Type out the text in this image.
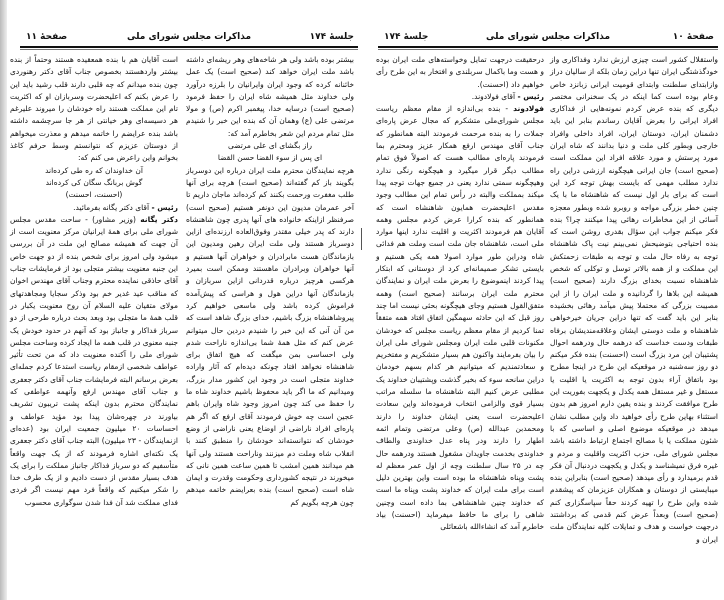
جلسهٔ ۱۷۴
مذاکرات مجلس شورای ملی
صفحهٔ ۱۱

است آقایان هم با بنده همعقیده هستند وحتماً از بنده بیشتر واردهستند بخصوص جناب آقای دکتر رهنوردی چون بنده میدانم که چه قلبی دارند قلب رشید باید این را عرض بکنم که اعلیحضرت وسربازان او که اکثریت تام این مملکت هستند راه خودشان را میروند علیرغم هر دسیسه‌ای وهر خیانتی از هر جا سرچشمه داشته باشد بنده عرایضم را خاتمه میدهم و معذرت میخواهم از دوستان عزیزم که نتوانستم وسط حرفم کاغذ بخوانم واین راعرض می کنم که:

آن خداوندان که ره طی کرده‌اند

گوش بربانگ سگان کی کرده‌اند

(احسنت، احسنت)

رئیس - آقای دکتر یگانه بفرمائید.

دکتر یگانه (وزیر مشاور) - ساحت مقدس مجلس شورای ملی برای همهٔ ایرانیان مرکز معنویت است از آن جهت که همیشه مصالح این ملت در آن بررسی میشود ولی امروز برای شخص بنده از دو جهت خاص این جنبه معنویت بیشتر متجلی بود از فرمایشات جناب آقای حاذقی نماینده محترم وجناب آقای مهندس اخوان که مناقب عید غدیر خم بود وذکر سجایا ومجاهدتهای مولای متقیان علیه السلام آن روح معنویت یکبار در قلب همهٔ ما متجلی بود وبعد بحث درباره طرحی از دو سرباز فداکار و جانباز بود که آنهم در حدود خودش یک جنبه معنوی در قلب همه ما ایجاد کرده وساحت مجلس شورای ملی را آکنده معنویت داد که من تحت تأثیر عواطف شخصی ازمقام ریاست استدعا کردم جمله‌ای بعرض برسانم البته فرمایشات جناب آقای دکتر جعفری و جناب آقای مهندس ارفع وآنهمه عواطفی که نمایندگان محترم بدون اینکه پشت تریبون تشریف بیاورند در چهره‌شان پیدا بود مؤید عواطف و احساسات ۲۰ میلیون جمعیت ایران بود (عده‌ای ازنمایندگان - ۲۳ میلیون) البته جناب آقای دکتر جعفری یک نکته‌ای اشاره فرمودند که از یک جهت واقعاً متأسفیم که دو سرباز فداکار جانباز مملکت را برای یک هدف بسیار مقدس از دست دادیم و از یک طرف خدا را شکر میکنیم که واقعاً فرد مهم نیست اگر فردی فدای مملکت شد آن فدا شدن سوگواری محسوب

بیشتر بوده باشد ولی هر شاخه‌های وهر ریشه‌ای داشته باشد ملت ایران خواهد کند (صحیح است) یک عمل خائنانه کرده که وجود ایران وایرانیان را بلرزه درآورد ولی خداوند مثل همیشه شاه ایران را حفظ فرمود (صحیح است) درسایه خدا، پیغمبر اکرم (ص) و مولا مرتضی علی (ع) وهمان آن که بنده این خبر را شنیدم مثل تمام مردم این شعر بخاطرم آمد که:

راز بگشای ای علی مرتضی

ای پس از سوء القضا حسن القضا

هرچه نمایندگان محترم ملت ایران درباره این دوسرباز بگویند باز کم گفته‌اند (صحیح است) هرچه برای آنها طلب مغفرت ورحمت بکنند کم کرده‌اند ماجان داریم تا آخر عمرمان مدیون این دونفر هستیم (صحیح است) صرفنظر ازاینکه خانواده های آنها پدری چون شاهنشاه دارند که پدر خیلی مقتدر وفوق‌العاده ارزنده‌ای ازاین دوسرباز هستند ولی ملت ایران رهین ومدیون این بازماندگان هست مابرادران و خواهران آنها هستیم و آنها خواهران وبرادران ماهستند وممکن است بمیرد هرکسی هرچیز درباره قدردانی ازاین سربازان و بازماندگان آنها دراین هول و هراسی که پیش‌آمده فراموش کرده باشد ولی ماسعی خواهیم کرد پیروشاهنشاه بزرگ باشیم، خدای بزرگ شاهد است که من آن آنی که این خبر را شنیدم دردین حال میتوانم عرض کنم که مثل همهٔ شما بی‌اندازه ناراحت شدم ولی احساسی بمن میگفت که هیچ اتفاق برای شاهنشاه نخواهد افتاد چونکه دیده‌ام که آثار واراده خداوند متجلی است در وجود این کشور مدار بزرگ، ومیدانیم که ما اگر باید محفوظ باشیم خداوند شاه ما را حفظ می کند چون امروز وجود شاه وایران باهم عجین است چه خوش فرمودند آقای ارفع که اگر هم پاره‌ای افراد ناراضی از اوضاع یعنی ناراضی از وضع خودشان که نتوانسته‌اند خودشان را منطبق کنند با انقلاب شاه وملت دم میزنند وناراحت هستند ولی آنها هم میدانند همین امشب تا همین ساعت همین نانی که میخورند در نتیجه کشورداری وحکومت وقدرت و ایمان شاه است (صحیح است) بنده بعرایضم خاتمه میدهم چون هرچه بگویم کم

صفحهٔ ۱۰
مذاکرات مجلس شورای ملی
جلسهٔ ۱۷۴

درحقیقت درجهت تمایل وخواسته‌های ملت ایران بوده و هست وما باکمال سربلندی و افتخار به این طرح رأی خواهیم داد (احسنت).

رئیس - آقای فولادوند.

فولادوند - بنده بی‌اندازه از مقام معظم ریاست مجلس شورای‌ملی متشکرم که مجال عرض پاره‌ای جملات را به بنده مرحمت فرمودند البته همانطور که جناب آقای مهندس ارفع همکار عزیز ومحترم بما فرمودند پاره‌ای مطالب هست که اصولاً فوق تمام مطالب دیگر قرار میگیرد و هیچگونه رنگی ندارد وهیچگونه سمتی ندارد یعنی در جمیع جهات توجه پیدا میکند بمملکت والبته در رأس تمام این مطالب وجود مقدس اعلیحضرت همایون شاهنشاه است که همانطور که بنده کرارا عرض کردم مجلس وهمه آقایان هم فرمودند اکثریت و اقلیت ندارد اینها موارد ملی است، شاهنشاه جان ملت است وملت هم فدائی شاه ودراین طور موارد اصولا همه یکی هستیم و بایستی تشکر صمیمانه‌ای کرد از دوستانی که ابتکار پیدا کردند اینموضوع را بعرض ملت ایران و نمایندگان محترم ملت ایران برسانند (صحیح است) وهمه متفق‌القول هستیم وجای هیچگونه بحثی نیست اما چند روز قبل که این حادثه سهمگین اتفاق افتاد همه متفقاً تمنا کردیم از مقام معظم ریاست مجلس که خودشان مکنونات قلبی ملت ایران ومجلس شورای ملی ایران را بیان بفرمایند واکنون هم بسیار متشکریم و مفتخریم و سعادتمندیم که میتوانیم هر کدام بسهم خودمان دراین سانحه سوء که بخیر گذشت وپشتیبان خداوند یک مطلبی عرض کنیم البته شاهنشاه ما سلسله مراتب بسیار قوی والزامی انتخاب فرموده‌اند واین سعادت اعلیحضرت است یعنی ایشان خداوند را دارند ومحمدبن عبدالله (ص) وعلی مرتضی وتمام ائمه اطهار را دارند ودر پناه عدل خداوندی والطاف خداوندی بخدمت جاویدان مشغول هستند ودرهمه حال چه در ۲۵ سال سلطنت وچه از اول عمر معظم له پشت وپناه شاهنشاه ما بوده است واین بهترین دلیل است برای ملت ایران که خداوند پشت وپناه ما است که خداوند چنین شاهنشاهی بما داده است وچنین شاهی را برای ما حافظ میفرماید (احسنت) بیاد خاطرم آمد که انشاءالله باشعائلی

واستقلال کشور است چیزی ارزش ندارد وفداکاری واز خودگذشتگی ایران تنها دراین زمان بلکه از سالیان دراز وازابتدای سلطنت وابتدای قومیت ایرانی زبانزد خاص وعام بوده است کما اینکه در یک سخنرانی مختصر دیگری که بنده عرض کردم نمونه‌هایی از فداکاری افراد ایرانی را بعرض آقایان رساندم بنابر این باید دشمنان ایران، دوستان ایران، افراد داخلی وافراد خارجی وبطور کلی ملت و دنیا بدانند که شاه ایران مورد پرستش و مورد علاقه افراد این مملکت است (صحیح است) جان ایرانی هیچگونه ارزشی دراین راه ندارد مطلب مهمی که بایست بهش توجه کرد این است که برای بار اول نیست که شاهنشاه ما با یک چنین خطر بزرگی مواجه و روبرو شده وبطور معجزه آسائی از این مخاطرات رهائی پیدا میکنند چرا؟ بنده فکر میکنم جواب این سؤال بقدری روشن است که بنده احتیاجی بتوضیحش نمی‌بینم نیت پاک شاهنشاه توجه به رفاه حال ملت و توجه به طبقات زحمتکش این مملکت و از همه بالاتر توسل و توکلی که شخص شاهنشاه نسبت بخدای بزرگ دارند (صحیح است) همیشه این بلاها را گردانیده و ملت ایران را از این مصیبت بزرگی که محتملا پیش میآمد رهائی بخشیده بنابر این باید گفت که تنها دراین جریان خیرخواهی شاهنشاه و ملت دوستی ایشان وعلاقه‌مندیشان برفاه طبقات ودست خداست که درهمه حال ودرهمه احوال پشتیبان این مرد بزرگ است (احسنت) بنده فکر میکنم دو روز سه‌شنبه در موقعیکه این طرح در اینجا مطرح بود باتفاق آراء بدون توجه به اکثریت یا اقلیت یا مستقل و غیر مستقل همه یکدل و یکجهت بفوریت این طرح موافقت کردند و بنده یقین دارم امروز هم بدون استثناء بهاین طرح رأی خواهید داد واین مطلب نشان میدهد در موقعیکه موضوع اصلی و اساسی که با شئون مملکت یا با مصالح اجتماع ارتباط داشته باشد مجلس شورای ملی، حزب اکثریت واقلیت و مردم و غیره فرق نمیشناسد و یکدل و یکجهت دردنبال آن فکر قدم برمیدارد و رأی میدهد (صحیح است) بنابراین بنده میبایستی از دوستان و همکاران عزیزمان که پیشقدم شده واین طرح را تهیه کردند حقاً سپاسگزاری کنم (صحیح است) وبعداً عرض کنم قدمی که برداشتند درجهت خواست و هدف و تمایلات کلیه نمایندگان ملت ایران و
